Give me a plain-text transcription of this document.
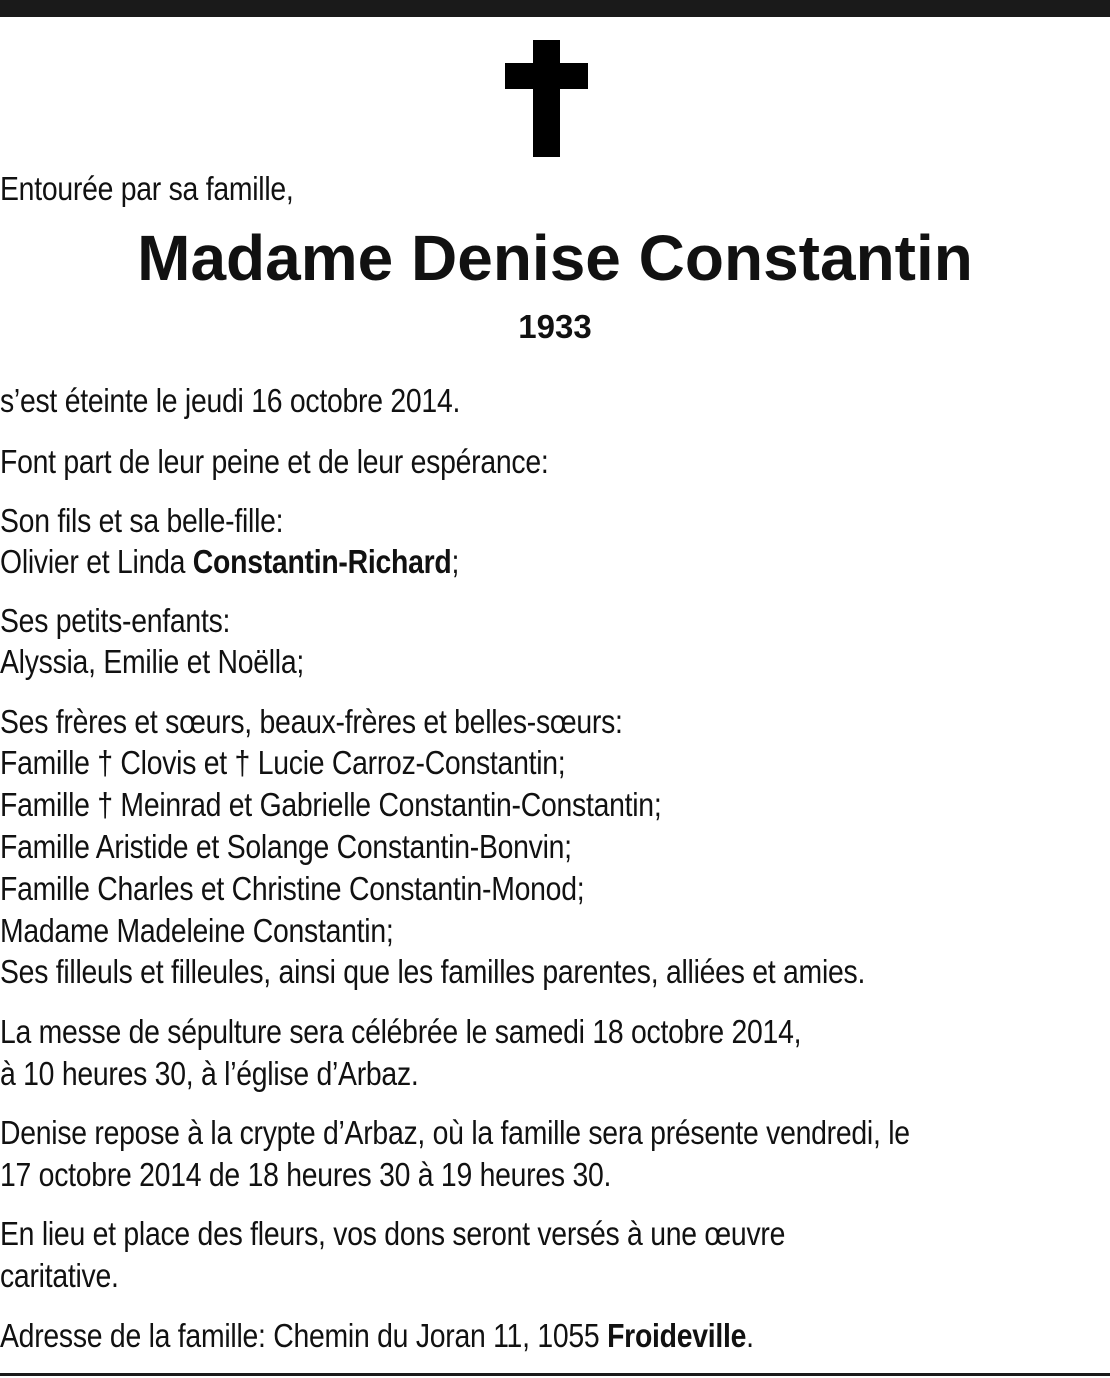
Entourée par sa famille,
Madame Denise Constantin
1933
s’est éteinte le jeudi 16 octobre 2014.
Font part de leur peine et de leur espérance:
Son fils et sa belle-fille:
Olivier et Linda Constantin-Richard;
Ses petits-enfants:
Alyssia, Emilie et Noëlla;
Ses frères et sœurs, beaux-frères et belles-sœurs:
Famille † Clovis et † Lucie Carroz-Constantin;
Famille † Meinrad et Gabrielle Constantin-Constantin;
Famille Aristide et Solange Constantin-Bonvin;
Famille Charles et Christine Constantin-Monod;
Madame Madeleine Constantin;
Ses filleuls et filleules, ainsi que les familles parentes, alliées et amies.
La messe de sépulture sera célébrée le samedi 18 octobre 2014,
à 10 heures 30, à l’église d’Arbaz.
Denise repose à la crypte d’Arbaz, où la famille sera présente vendredi, le
17 octobre 2014 de 18 heures 30 à 19 heures 30.
En lieu et place des fleurs, vos dons seront versés à une œuvre
caritative.
Adresse de la famille: Chemin du Joran 11, 1055 Froideville.
